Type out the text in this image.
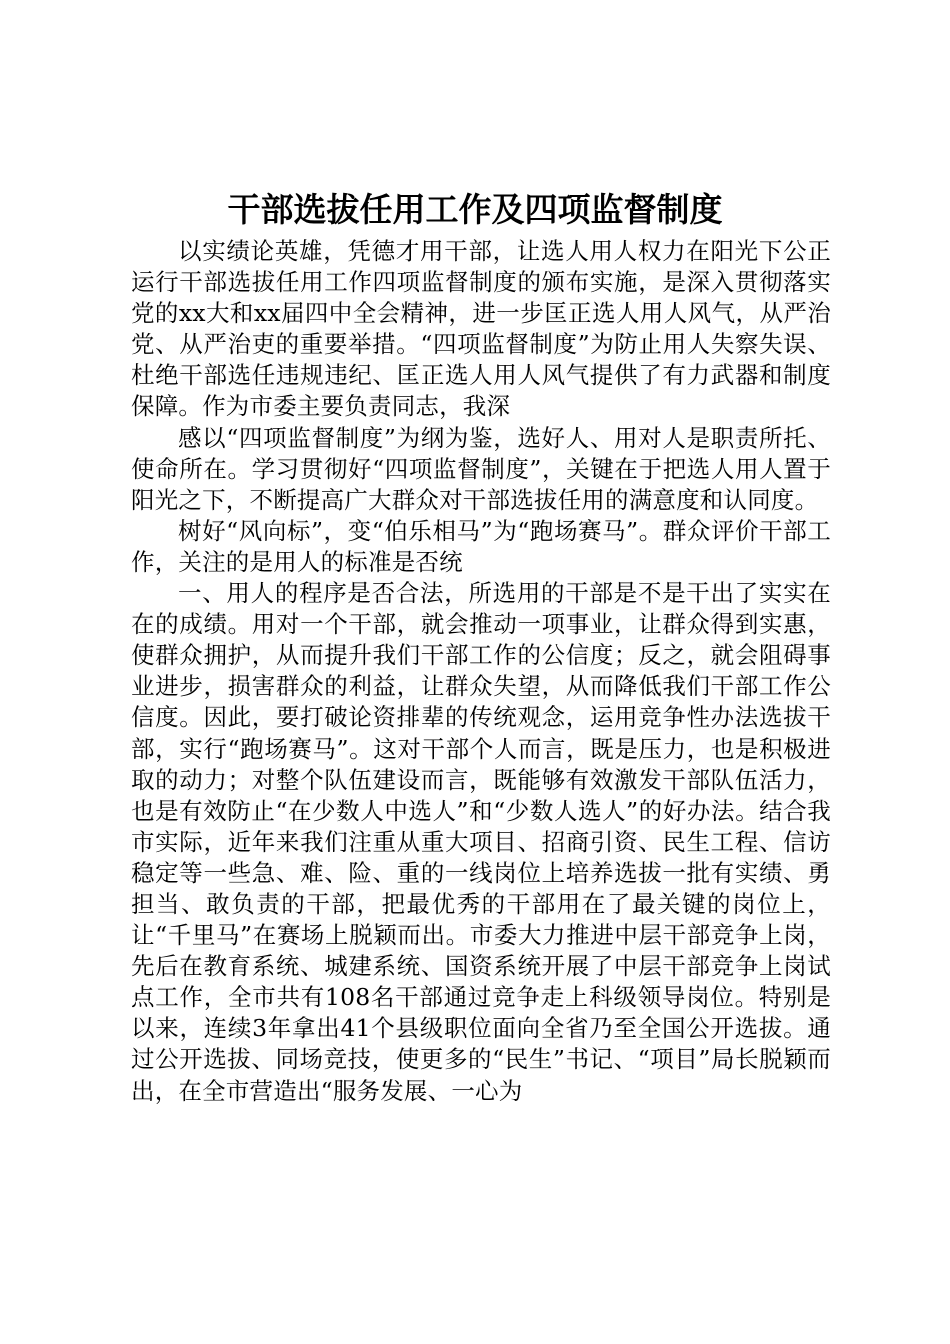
干部选拔任用工作及四项监督制度

以实绩论英雄，凭德才用干部，让选人用人权力在阳光下公正运行干部选拔任用工作四项监督制度的颁布实施，是深入贯彻落实党的xx大和xx届四中全会精神，进一步匡正选人用人风气，从严治党、从严治吏的重要举措。“四项监督制度”为防止用人失察失误、杜绝干部选任违规违纪、匡正选人用人风气提供了有力武器和制度保障。作为市委主要负责同志，我深

感以“四项监督制度”为纲为鉴，选好人、用对人是职责所托、使命所在。学习贯彻好“四项监督制度”，关键在于把选人用人置于阳光之下，不断提高广大群众对干部选拔任用的满意度和认同度。

树好“风向标”，变“伯乐相马”为“跑场赛马”。群众评价干部工作，关注的是用人的标准是否统

一、用人的程序是否合法，所选用的干部是不是干出了实实在在的成绩。用对一个干部，就会推动一项事业，让群众得到实惠，使群众拥护，从而提升我们干部工作的公信度；反之，就会阻碍事业进步，损害群众的利益，让群众失望，从而降低我们干部工作公信度。因此，要打破论资排辈的传统观念，运用竞争性办法选拔干部，实行“跑场赛马”。这对干部个人而言，既是压力，也是积极进取的动力；对整个队伍建设而言，既能够有效激发干部队伍活力，也是有效防止“在少数人中选人”和“少数人选人”的好办法。结合我市实际，近年来我们注重从重大项目、招商引资、民生工程、信访稳定等一些急、难、险、重的一线岗位上培养选拔一批有实绩、勇担当、敢负责的干部，把最优秀的干部用在了最关键的岗位上，让“千里马”在赛场上脱颖而出。市委大力推进中层干部竞争上岗，先后在教育系统、城建系统、国资系统开展了中层干部竞争上岗试点工作，全市共有108名干部通过竞争走上科级领导岗位。特别是以来，连续3年拿出41个县级职位面向全省乃至全国公开选拔。通过公开选拔、同场竞技，使更多的“民生”书记、“项目”局长脱颖而出，在全市营造出“服务发展、一心为
